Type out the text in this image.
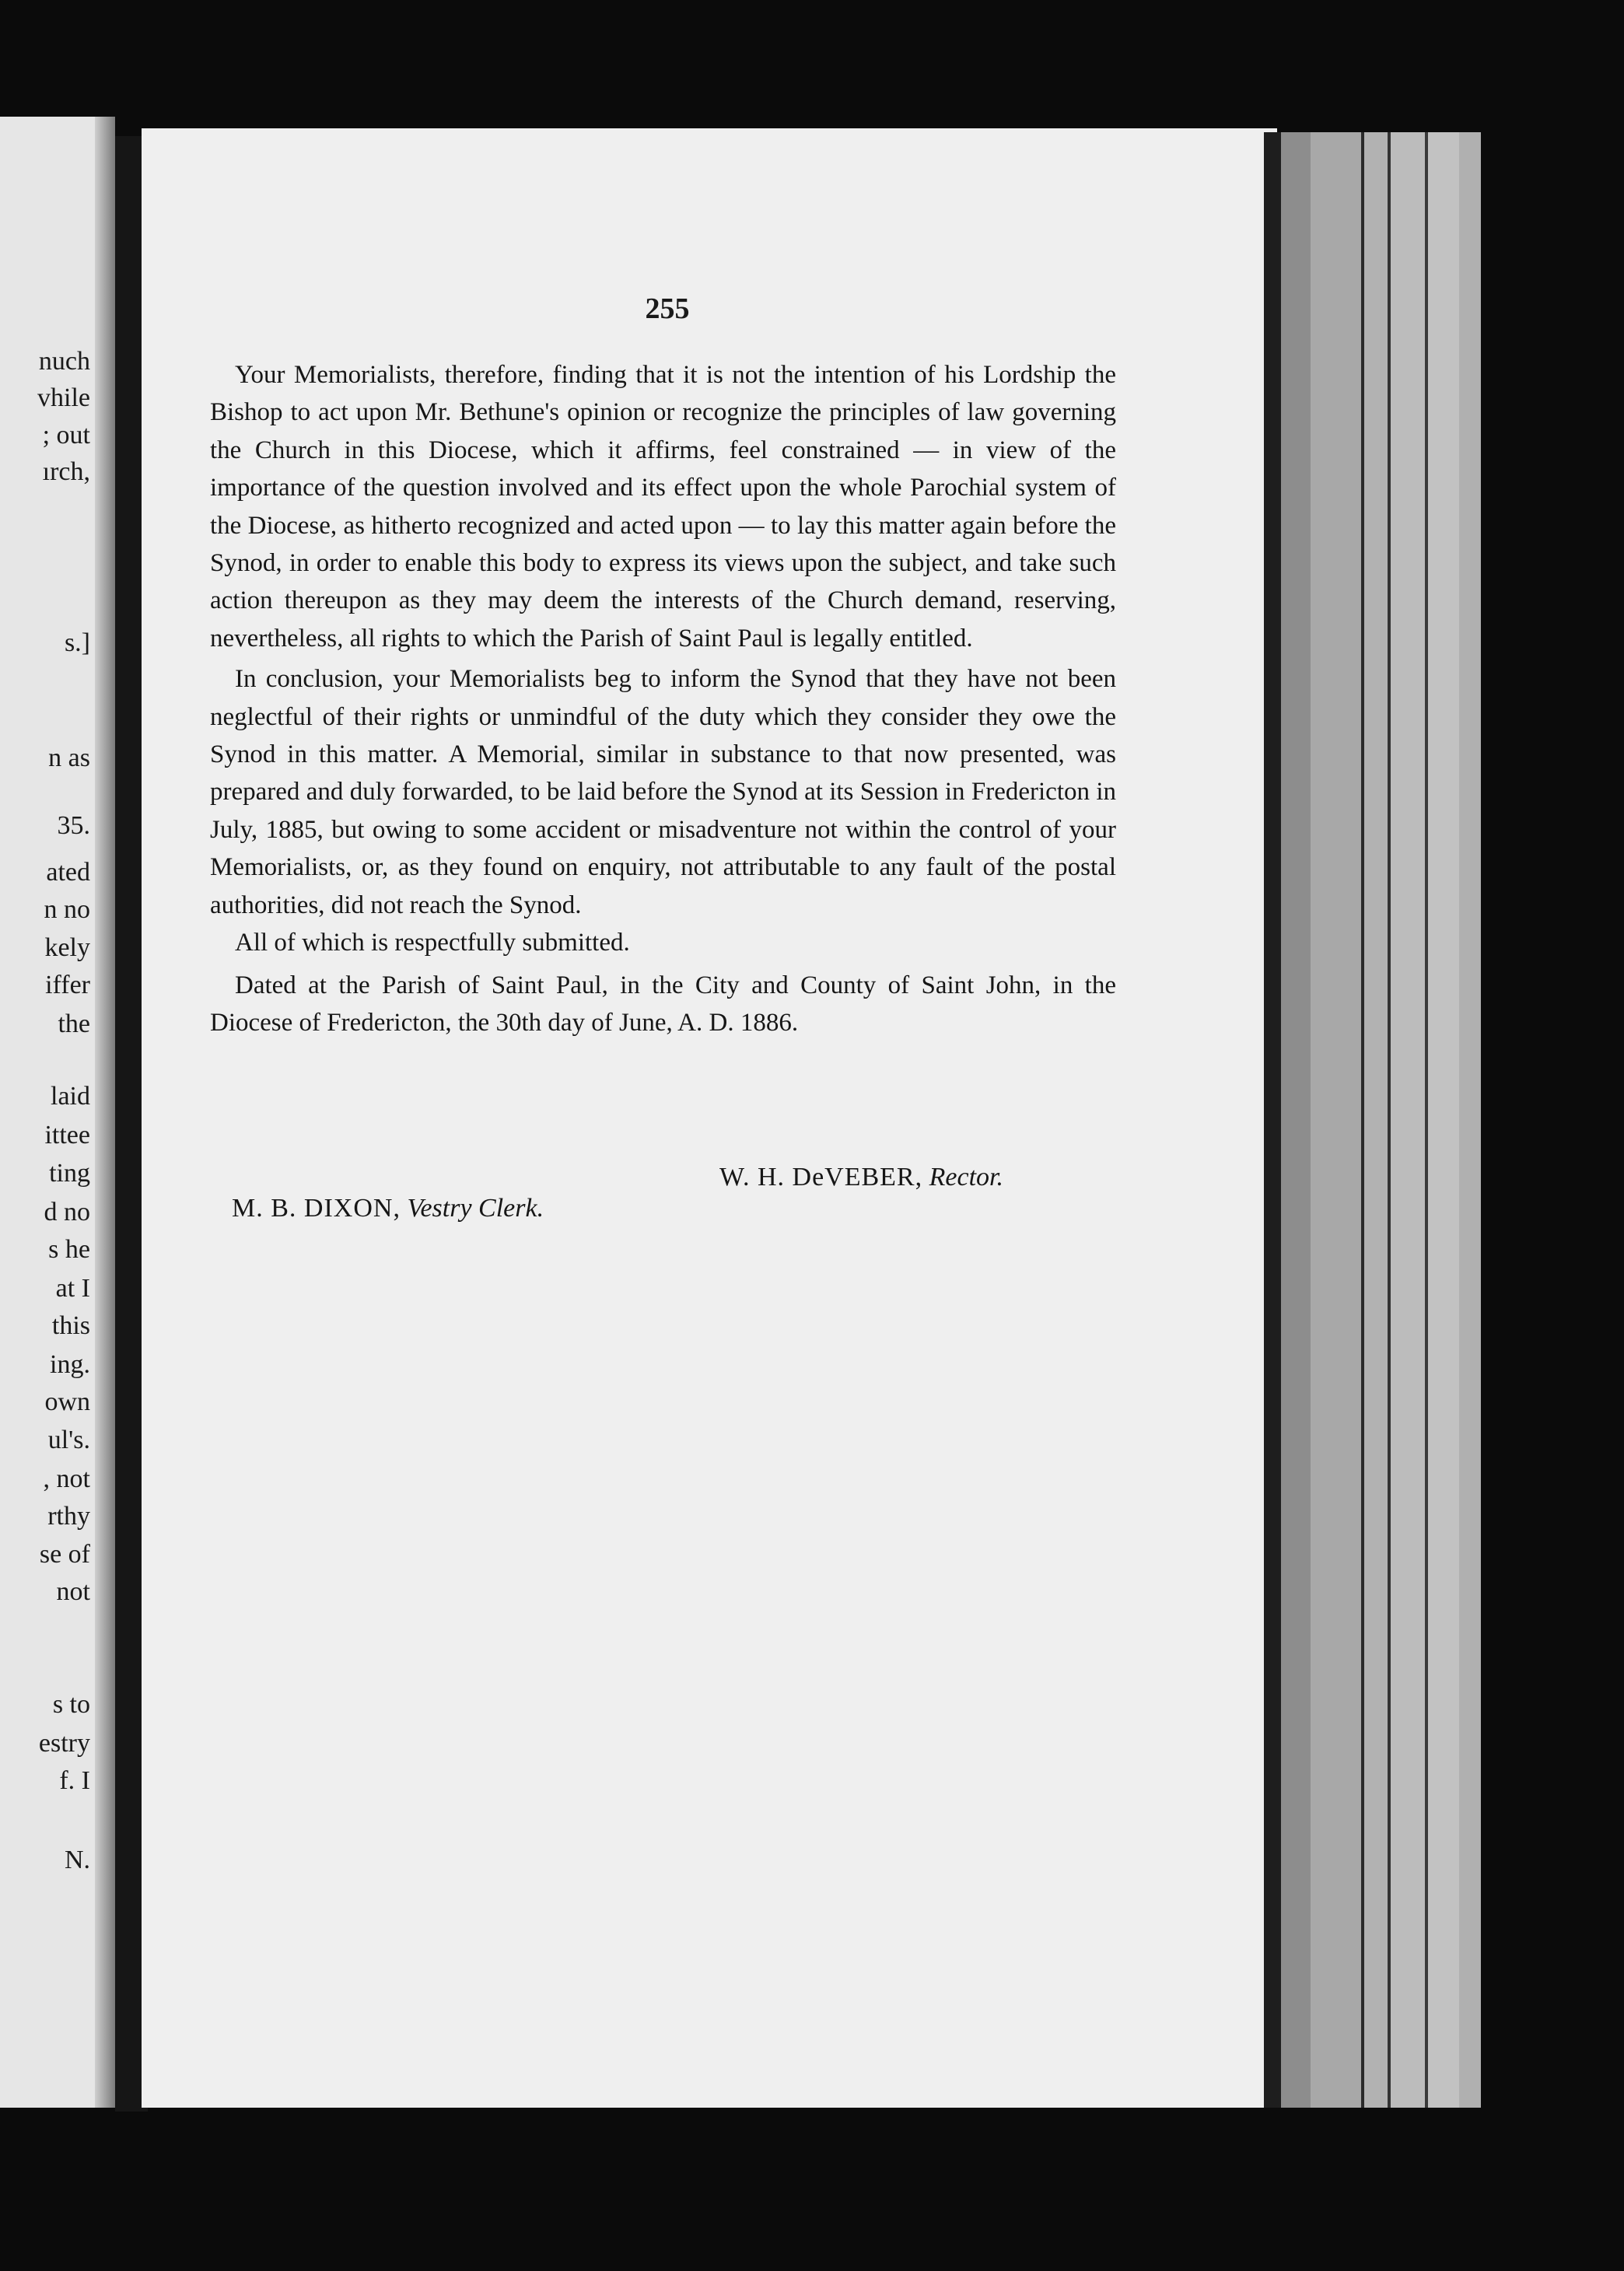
nuch
vhile
; out
ırch,
s.]
n as
35.
ated
n no
kely
iffer
the
laid
ittee
ting
d no
s he
at I
this
ing.
own
ul's.
, not
rthy
se of
not
s to
estry
f. I
N.
255

Your Memorialists, therefore, finding that it is not the intention of his Lordship the Bishop to act upon Mr. Bethune's opinion or recognize the principles of law governing the Church in this Diocese, which it affirms, feel constrained — in view of the importance of the question involved and its effect upon the whole Parochial system of the Diocese, as hitherto recognized and acted upon — to lay this matter again before the Synod, in order to enable this body to express its views upon the subject, and take such action thereupon as they may deem the interests of the Church demand, reserving, nevertheless, all rights to which the Parish of Saint Paul is legally entitled.

In conclusion, your Memorialists beg to inform the Synod that they have not been neglectful of their rights or unmindful of the duty which they consider they owe the Synod in this matter. A Memorial, similar in substance to that now presented, was prepared and duly forwarded, to be laid before the Synod at its Session in Fredericton in July, 1885, but owing to some accident or misadventure not within the control of your Memorialists, or, as they found on enquiry, not attributable to any fault of the postal authorities, did not reach the Synod.

All of which is respectfully submitted.

Dated at the Parish of Saint Paul, in the City and County of Saint John, in the Diocese of Fredericton, the 30th day of June, A. D. 1886.

W. H. DeVEBER, Rector.
M. B. DIXON, Vestry Clerk.
